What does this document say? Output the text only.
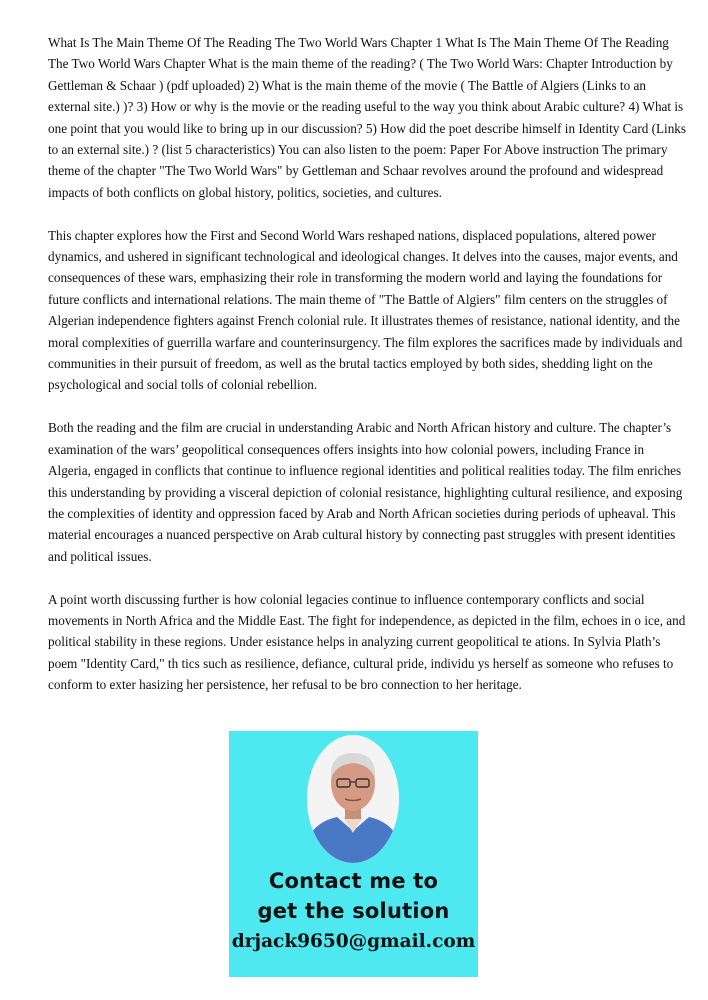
What Is The Main Theme Of The Reading The Two World Wars Chapter 1 What Is The Main Theme Of The Reading The Two World Wars Chapter What is the main theme of the reading? ( The Two World Wars: Chapter Introduction by Gettleman & Schaar ) (pdf uploaded) 2) What is the main theme of the movie ( The Battle of Algiers (Links to an external site.) )? 3) How or why is the movie or the reading useful to the way you think about Arabic culture? 4) What is one point that you would like to bring up in our discussion? 5) How did the poet describe himself in Identity Card (Links to an external site.) ? (list 5 characteristics) You can also listen to the poem: Paper For Above instruction The primary theme of the chapter "The Two World Wars" by Gettleman and Schaar revolves around the profound and widespread impacts of both conflicts on global history, politics, societies, and cultures.

This chapter explores how the First and Second World Wars reshaped nations, displaced populations, altered power dynamics, and ushered in significant technological and ideological changes. It delves into the causes, major events, and consequences of these wars, emphasizing their role in transforming the modern world and laying the foundations for future conflicts and international relations. The main theme of "The Battle of Algiers" film centers on the struggles of Algerian independence fighters against French colonial rule. It illustrates themes of resistance, national identity, and the moral complexities of guerrilla warfare and counterinsurgency. The film explores the sacrifices made by individuals and communities in their pursuit of freedom, as well as the brutal tactics employed by both sides, shedding light on the psychological and social tolls of colonial rebellion.

Both the reading and the film are crucial in understanding Arabic and North African history and culture. The chapter’s examination of the wars’ geopolitical consequences offers insights into how colonial powers, including France in Algeria, engaged in conflicts that continue to influence regional identities and political realities today. The film enriches this understanding by providing a visceral depiction of colonial resistance, highlighting cultural resilience, and exposing the complexities of identity and oppression faced by Arab and North African societies during periods of upheaval. This material encourages a nuanced perspective on Arab cultural history by connecting past struggles with present identities and political issues.

A point worth discussing further is how colonial legacies continue to influence contemporary conflicts and social movements in North Africa and the Middle East. The fight for independence, as depicted in the film, echoes in o ice, and political stability in these regions. Under esistance helps in analyzing current geopolitical te ations. In Sylvia Plath’s poem "Identity Card," th tics such as resilience, defiance, cultural pride, individu ys herself as someone who refuses to conform to exter hasizing her persistence, her refusal to be bro connection to her heritage.

Contact me to
get the solution
drjack9650@gmail.com
